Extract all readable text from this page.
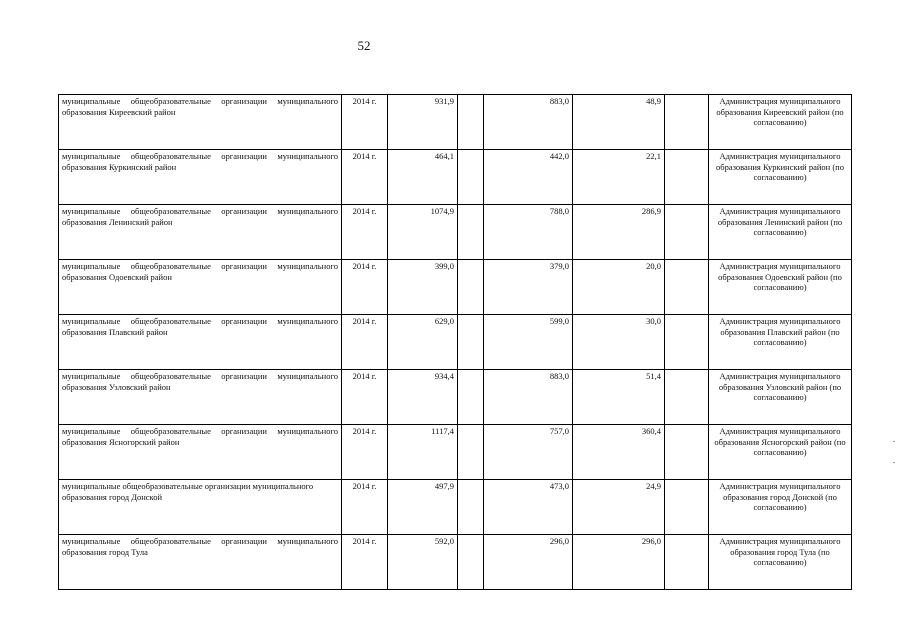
52
муниципальные общеобразовательные организации муниципального образования Киреевский район	2014 г.	931,9		883,0	48,9		Администрация муниципального образования Киреевский район (по согласованию)
муниципальные общеобразовательные организации муниципального образования Куркинский район	2014 г.	464,1		442,0	22,1		Администрация муниципального образования Куркинский район (по согласованию)
муниципальные общеобразовательные организации муниципального образования Ленинский район	2014 г.	1074,9		788,0	286,9		Администрация муниципального образования Ленинский район (по согласованию)
муниципальные общеобразовательные организации муниципального образования Одоевский район	2014 г.	399,0		379,0	20,0		Администрация муниципального образования Одоевский район (по согласованию)
муниципальные общеобразовательные организации муниципального образования Плавский район	2014 г.	629,0		599,0	30,0		Администрация муниципального образования Плавский район (по согласованию)
муниципальные общеобразовательные организации муниципального образования Узловский район	2014 г.	934,4		883,0	51,4		Администрация муниципального образования Узловский район (по согласованию)
муниципальные общеобразовательные организации муниципального образования Ясногорский район	2014 г.	1117,4		757,0	360,4		Администрация муниципального образования Ясногорский район (по согласованию)
муниципальные общеобразовательные организации муниципального образования город Донской	2014 г.	497,9		473,0	24,9		Администрация муниципального образования город Донской (по согласованию)
муниципальные общеобразовательные организации муниципального образования город Тула	2014 г.	592,0		296,0	296,0		Администрация муниципального образования город Тула (по согласованию)
